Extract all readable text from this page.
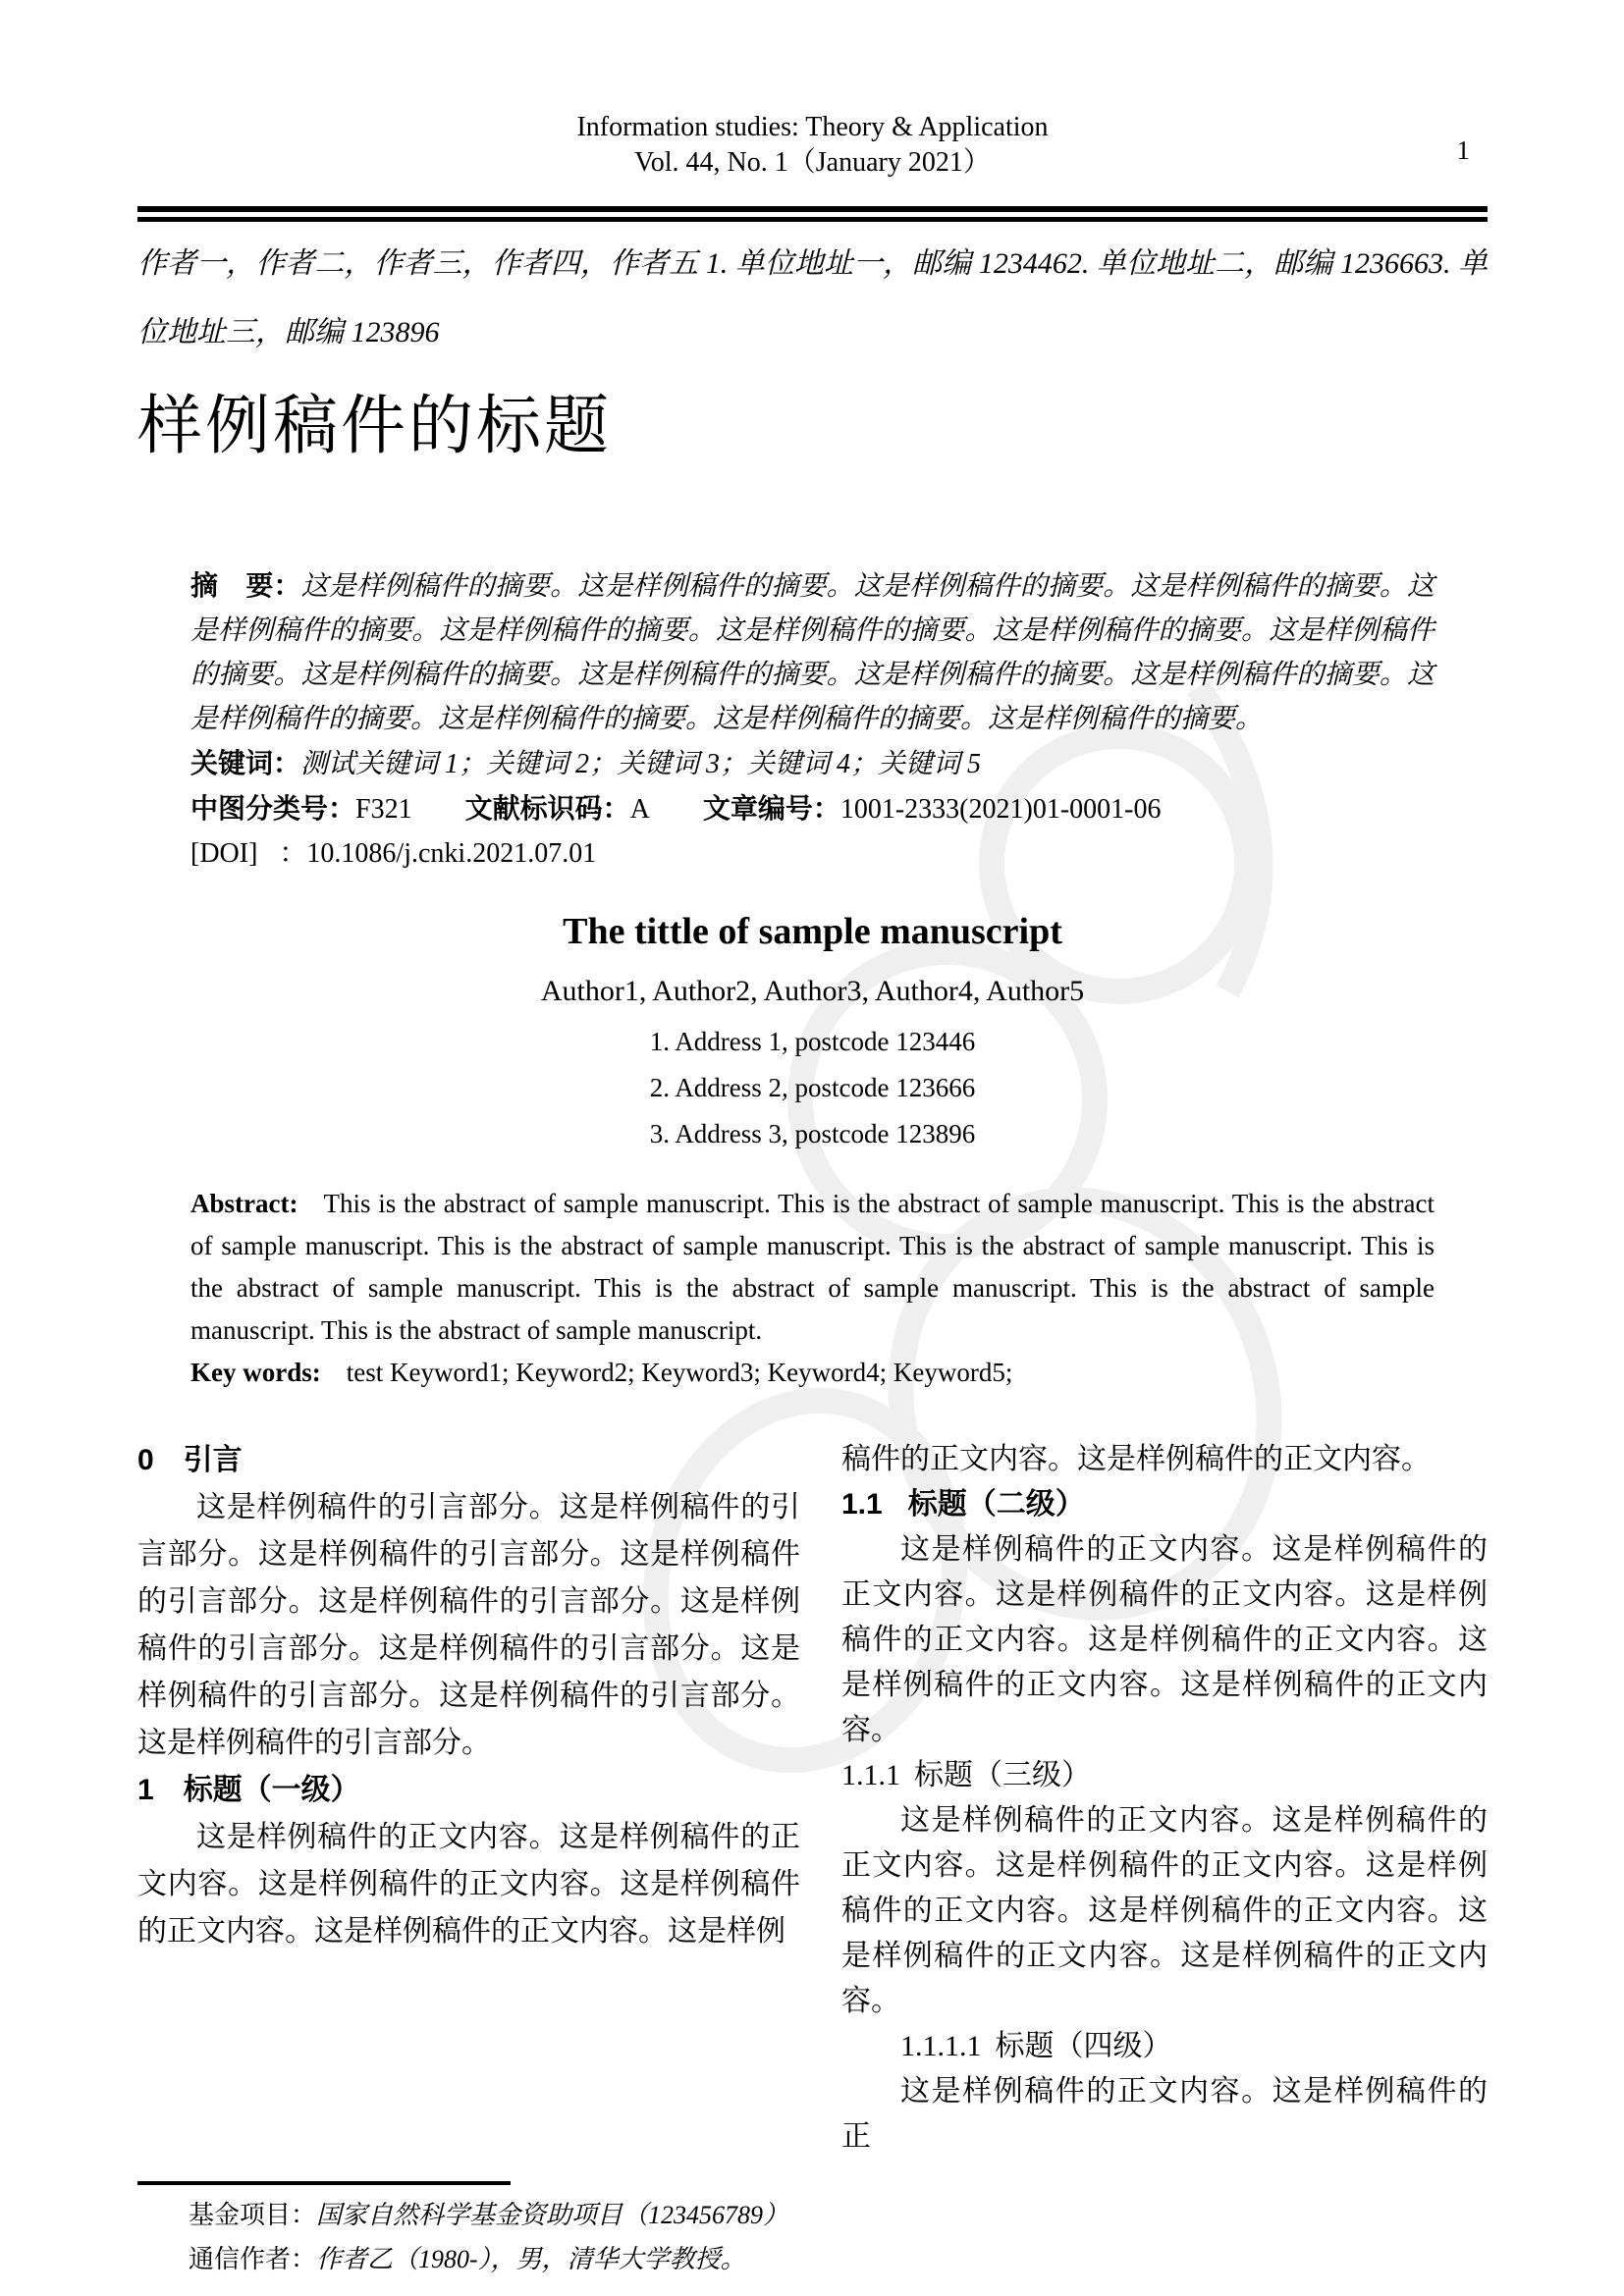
Information studies: Theory & Application
Vol. 44, No. 1（January 2021）	1

作者一，作者二，作者三，作者四，作者五 1. 单位地址一，邮编 1234462. 单位地址二，邮编 1236663. 单位地址三，邮编 123896

样例稿件的标题

摘　要：这是样例稿件的摘要。这是样例稿件的摘要。这是样例稿件的摘要。这是样例稿件的摘要。这是样例稿件的摘要。这是样例稿件的摘要。这是样例稿件的摘要。这是样例稿件的摘要。这是样例稿件的摘要。这是样例稿件的摘要。这是样例稿件的摘要。这是样例稿件的摘要。这是样例稿件的摘要。这是样例稿件的摘要。这是样例稿件的摘要。这是样例稿件的摘要。这是样例稿件的摘要。

关键词：测试关键词 1；关键词 2；关键词 3；关键词 4；关键词 5

中图分类号：F321 文献标识码：A 文章编号：1001-2333(2021)01-0001-06

[DOI] ：10.1086/j.cnki.2021.07.01

The tittle of sample manuscript

Author1, Author2, Author3, Author4, Author5

1. Address 1, postcode 123446
2. Address 2, postcode 123666
3. Address 3, postcode 123896

Abstract: This is the abstract of sample manuscript. This is the abstract of sample manuscript. This is the abstract of sample manuscript. This is the abstract of sample manuscript. This is the abstract of sample manuscript. This is the abstract of sample manuscript. This is the abstract of sample manuscript. This is the abstract of sample manuscript. This is the abstract of sample manuscript.

Key words: test Keyword1; Keyword2; Keyword3; Keyword4; Keyword5;

0 引言

这是样例稿件的引言部分。这是样例稿件的引言部分。这是样例稿件的引言部分。这是样例稿件的引言部分。这是样例稿件的引言部分。这是样例稿件的引言部分。这是样例稿件的引言部分。这是样例稿件的引言部分。这是样例稿件的引言部分。这是样例稿件的引言部分。

1 标题（一级）

这是样例稿件的正文内容。这是样例稿件的正文内容。这是样例稿件的正文内容。这是样例稿件的正文内容。这是样例稿件的正文内容。这是样例

稿件的正文内容。这是样例稿件的正文内容。

1.1 标题（二级）

这是样例稿件的正文内容。这是样例稿件的正文内容。这是样例稿件的正文内容。这是样例稿件的正文内容。这是样例稿件的正文内容。这是样例稿件的正文内容。这是样例稿件的正文内容。

1.1.1 标题（三级）

这是样例稿件的正文内容。这是样例稿件的正文内容。这是样例稿件的正文内容。这是样例稿件的正文内容。这是样例稿件的正文内容。这是样例稿件的正文内容。这是样例稿件的正文内容。

1.1.1.1 标题（四级）

这是样例稿件的正文内容。这是样例稿件的正

基金项目：国家自然科学基金资助项目（123456789）
通信作者：作者乙（1980-），男，清华大学教授。
